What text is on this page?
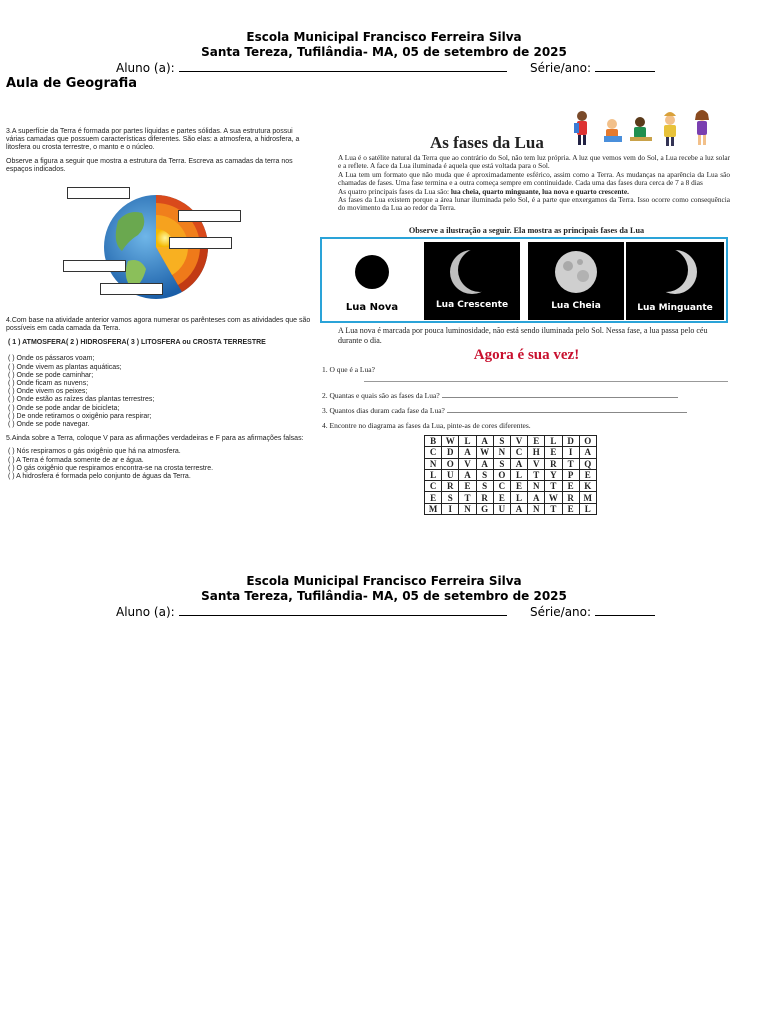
Escola Municipal Francisco Ferreira Silva
Santa Tereza, Tufilândia- MA, 05 de setembro de 2025
Aluno (a):	Série/ano:
Aula de Geografia

3.A superfície da Terra é formada por partes líquidas e partes sólidas. A sua estrutura possui várias camadas que possuem características diferentes. São elas: a atmosfera, a hidrosfera, a litosfera ou crosta terrestre, o manto e o núcleo.

Observe a figura a seguir que mostra a estrutura da Terra. Escreva as camadas da terra nos espaços indicados.

4.Com base na atividade anterior vamos agora numerar os parênteses com as atividades que são possíveis em cada camada da Terra.

( 1 ) ATMOSFERA( 2 ) HIDROSFERA( 3 ) LITOSFERA ou CROSTA TERRESTRE
( ) Onde os pássaros voam;
( ) Onde vivem as plantas aquáticas;
( ) Onde se pode caminhar;
( ) Onde ficam as nuvens;
( ) Onde vivem os peixes;
( ) Onde estão as raízes das plantas terrestres;
( ) Onde se pode andar de bicicleta;
( ) De onde retiramos o oxigênio para respirar;
( ) Onde se pode navegar.

5.Ainda sobre a Terra, coloque V para as afirmações verdadeiras e F para as afirmações falsas:

( ) Nós respiramos o gás oxigênio que há na atmosfera.
( ) A Terra é formada somente de ar e água.
( ) O gás oxigênio que respiramos encontra-se na crosta terrestre.
( ) A hidrosfera é formada pelo conjunto de águas da Terra.
As fases da Lua
A Lua é o satélite natural da Terra que ao contrário do Sol, não tem luz própria. A luz que vemos vem do Sol, a Lua recebe a luz solar e a reflete. A face da Lua iluminada é aquela que está voltada para o Sol.
A Lua tem um formato que não muda que é aproximadamente esférico, assim como a Terra. As mudanças na aparência da Lua são chamadas de fases. Uma fase termina e a outra começa sempre em continuidade. Cada uma das fases dura cerca de 7 a 8 dias
As quatro principais fases da Lua são: lua cheia, quarto minguante, lua nova e quarto crescente.
As fases da Lua existem porque a área lunar iluminada pelo Sol, é a parte que enxergamos da Terra. Isso ocorre como consequência do movimento da Lua ao redor da Terra.
Observe a ilustração a seguir. Ela mostra as principais fases da Lua
Lua Nova	Lua Crescente	Lua Cheia	Lua Minguante
A Lua nova é marcada por pouca luminosidade, não está sendo iluminada pelo Sol. Nessa fase, a lua passa pelo céu durante o dia.
Agora é sua vez!
1. O que é a Lua?
2. Quantas e quais são as fases da Lua?
3. Quantos dias duram cada fase da Lua?
4. Encontre no diagrama as fases da Lua, pinte-as de cores diferentes.
B	W	L	A	S	V	E	L	D	O
C	D	A	W	N	C	H	E	I	A
N	O	V	A	S	A	V	R	T	Q
L	U	A	S	O	L	T	Y	P	E
C	R	E	S	C	E	N	T	E	K
E	S	T	R	E	L	A	W	R	M
M	I	N	G	U	A	N	T	E	L
Escola Municipal Francisco Ferreira Silva
Santa Tereza, Tufilândia- MA, 05 de setembro de 2025
Aluno (a):	Série/ano:
